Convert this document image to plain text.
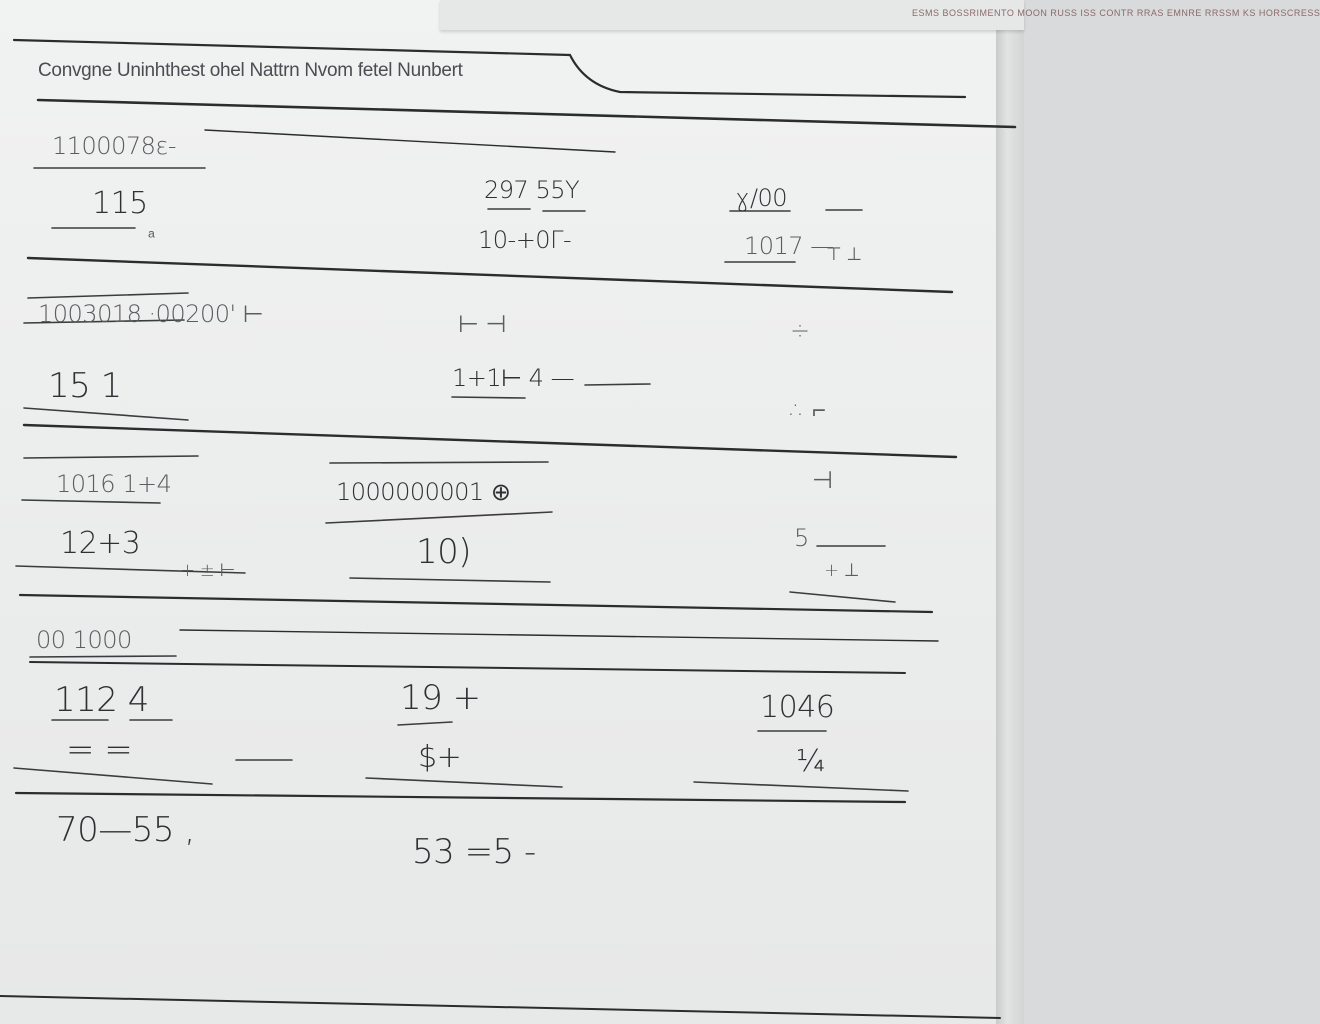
ESMS BOSSRIMENTO MOON RUSS ISS CONTR RRAS EMNRE RRSSM KS HORSCRESS
Convgne Uninhthest ohel Nattrn Nvom fetel Nunbert
1100078ε-
115
ᵃ
297 55Y
10-+0Γ-
ɣ/00
1017 —
⊤ ⊥
1003018 ·00200' ⊢
15 1
⊢ ⊣
1+1⊢ 4 —
÷
∴ ⌐
1016 1+4
12+3
+ ± ⊢
1000000001 ⊕
10)
⊣
5
+ ⊥
00 1000
112 4
= =
19 +
$+
1046
¼
70—55 ,
53 =5 -
